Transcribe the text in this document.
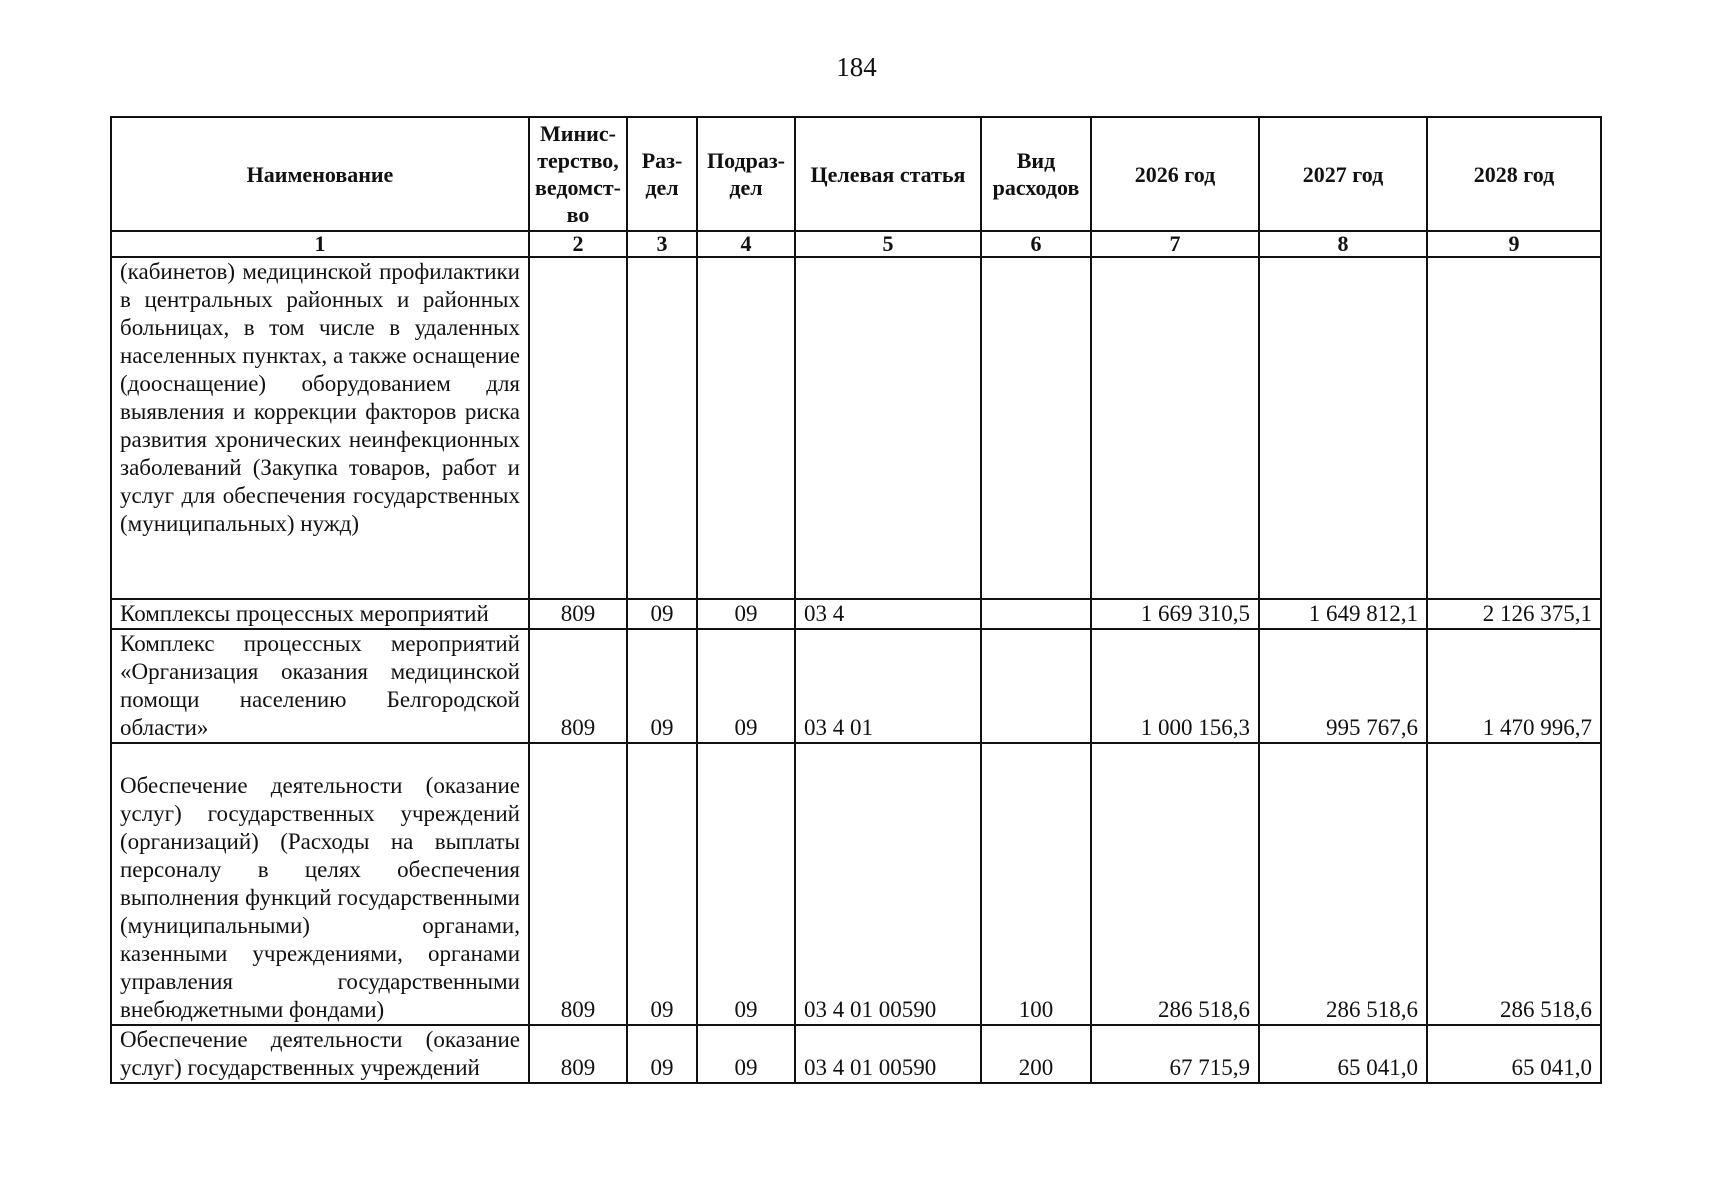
184
Наименование	Минис-терство, ведомст-во	Раз-дел	Подраз-дел	Целевая статья	Вид расходов	2026 год	2027 год	2028 год
1	2	3	4	5	6	7	8	9
(кабинетов) медицинской профилактики в центральных районных и районных больницах, в том числе в удаленных населенных пунктах, а также оснащение (дооснащение) оборудованием для выявления и коррекции факторов риска развития хронических неинфекционных заболеваний (Закупка товаров, работ и услуг для обеспечения государственных (муниципальных) нужд)								
Комплексы процессных мероприятий	809	09	09	03 4		1 669 310,5	1 649 812,1	2 126 375,1
Комплекс процессных мероприятий «Организация оказания медицинской помощи населению Белгородской области»	809	09	09	03 4 01		1 000 156,3	995 767,6	1 470 996,7
Обеспечение деятельности (оказание услуг) государственных учреждений (организаций) (Расходы на выплаты персоналу в целях обеспечения выполнения функций государственными (муниципальными) органами, казенными учреждениями, органами управления государственными внебюджетными фондами)	809	09	09	03 4 01 00590	100	286 518,6	286 518,6	286 518,6
Обеспечение деятельности (оказание услуг) государственных учреждений	809	09	09	03 4 01 00590	200	67 715,9	65 041,0	65 041,0
